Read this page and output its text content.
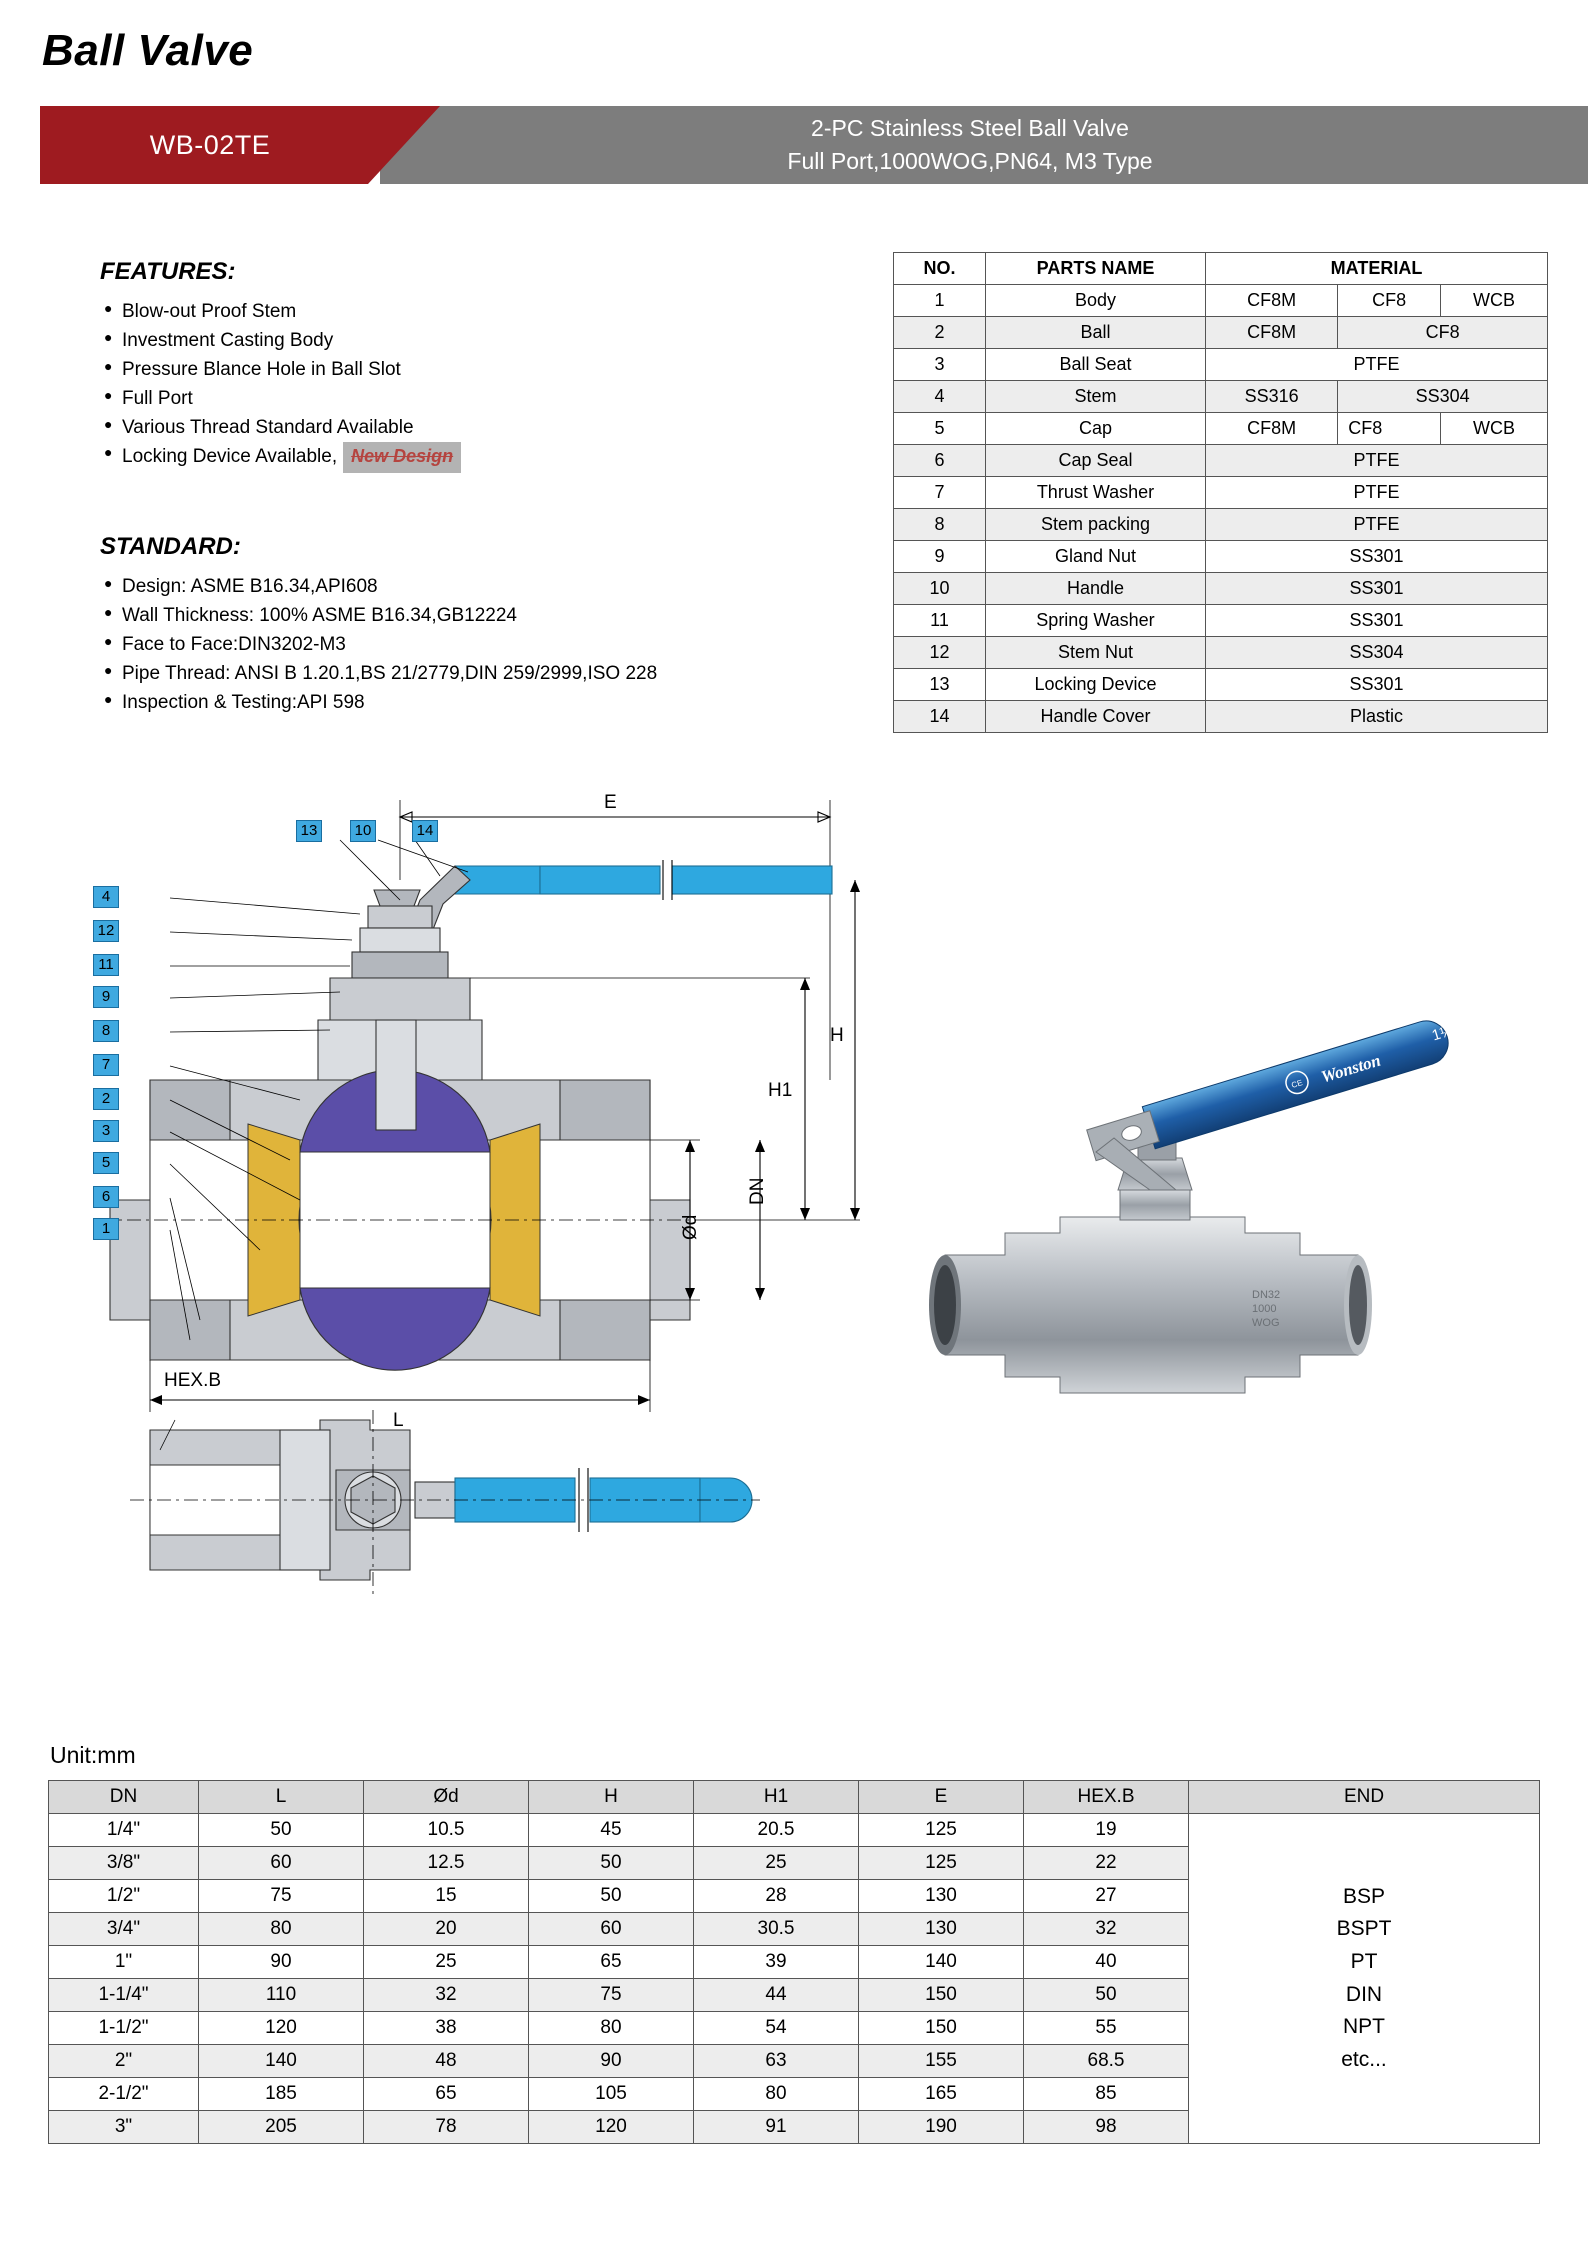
Ball Valve
2-PC Stainless Steel Ball Valve
Full Port,1000WOG,PN64, M3 Type
WB-02TE
FEATURES:
● Blow-out Proof Stem
● Investment Casting Body
● Pressure Blance Hole in Ball Slot
● Full Port
● Various Thread Standard Available
● Locking Device Available, New Design
STANDARD:
● Design: ASME B16.34,API608
● Wall Thickness: 100% ASME B16.34,GB12224
● Face to Face:DIN3202-M3
● Pipe Thread: ANSI B 1.20.1,BS 21/2779,DIN 259/2999,ISO 228
● Inspection & Testing:API 598
NO.	PARTS NAME	MATERIAL		
1	Body	CF8M	CF8	WCB
2	Ball	CF8M	CF8	
3	Ball Seat	PTFE		
4	Stem	SS316	SS304	
5	Cap	CF8M	CF8	WCB
6	Cap Seal	PTFE		
7	Thrust Washer	PTFE		
8	Stem packing	PTFE		
9	Gland Nut	SS301		
10	Handle	SS301		
11	Spring Washer	SS301		
12	Stem Nut	SS304		
13	Locking Device	SS301		
14	Handle Cover	Plastic		
13	10	14
4
12
11
9
8
7
2
3
5
6
1
E
H
H1
DN
Ød
L
HEX.B
DN32
1000
WOG
Wonston
CE
1½"
Unit:mm
DN	L	Ød	H	H1	E	HEX.B	END
1/4"	50	10.5	45	20.5	125	19	
BSP
BSPT
PT
DIN
NPT
etc...

3/8"	60	12.5	50	25	125	22	
1/2"	75	15	50	28	130	27	
3/4"	80	20	60	30.5	130	32	
1"	90	25	65	39	140	40	
1-1/4"	110	32	75	44	150	50	
1-1/2"	120	38	80	54	150	55	
2"	140	48	90	63	155	68.5	
2-1/2"	185	65	105	80	165	85	
3"	205	78	120	91	190	98	
